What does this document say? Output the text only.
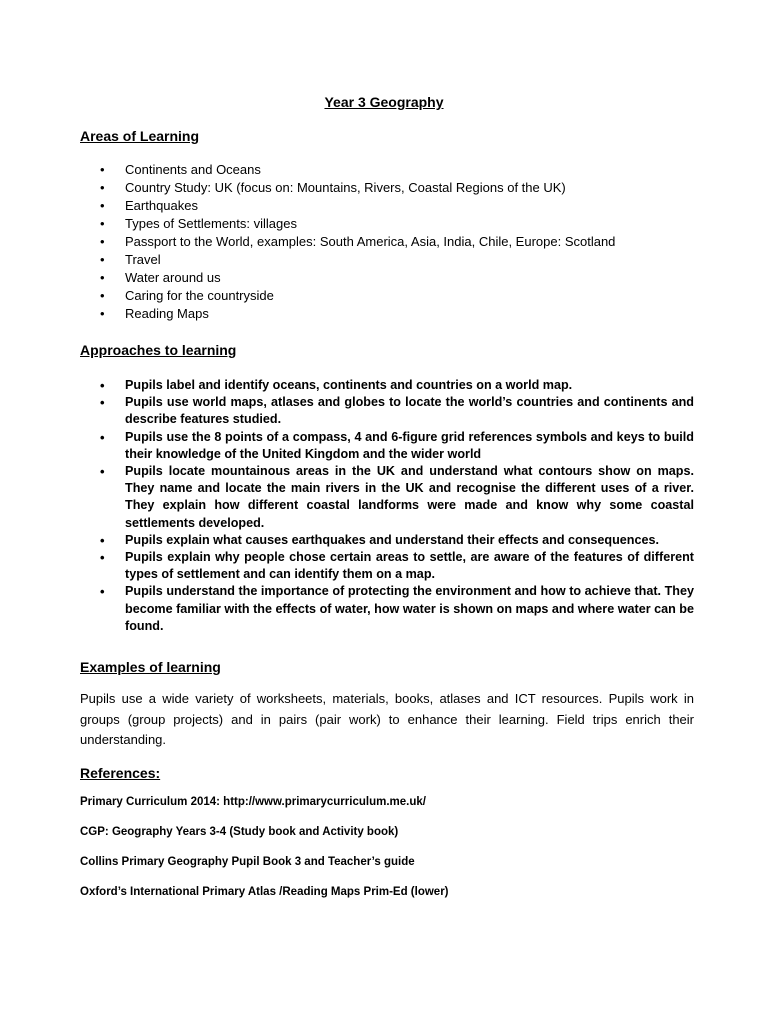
Year 3 Geography
Areas of Learning
• Continents and Oceans
• Country Study: UK (focus on: Mountains, Rivers, Coastal Regions of the UK)
• Earthquakes
• Types of Settlements: villages
• Passport to the World, examples: South America, Asia, India, Chile, Europe: Scotland
• Travel
• Water around us
• Caring for the countryside
• Reading Maps
Approaches to learning
• Pupils label and identify oceans, continents and countries on a world map.
• Pupils use world maps, atlases and globes to locate the world’s countries and continents and describe features studied.
• Pupils use the 8 points of a compass, 4 and 6-figure grid references symbols and keys to build their knowledge of the United Kingdom and the wider world
• Pupils locate mountainous areas in the UK and understand what contours show on maps. They name and locate the main rivers in the UK and recognise the different uses of a river. They explain how different coastal landforms were made and know why some coastal settlements developed.
• Pupils explain what causes earthquakes and understand their effects and consequences.
• Pupils explain why people chose certain areas to settle, are aware of the features of different types of settlement and can identify them on a map.
• Pupils understand the importance of protecting the environment and how to achieve that. They become familiar with the effects of water, how water is shown on maps and where water can be found.
Examples of learning
Pupils use a wide variety of worksheets, materials, books, atlases and ICT resources. Pupils work in groups (group projects) and in pairs (pair work) to enhance their learning. Field trips enrich their understanding.
References:
Primary Curriculum 2014: http://www.primarycurriculum.me.uk/
CGP: Geography Years 3-4 (Study book and Activity book)
Collins Primary Geography Pupil Book 3 and Teacher’s guide
Oxford’s International Primary Atlas /Reading Maps Prim-Ed (lower)
